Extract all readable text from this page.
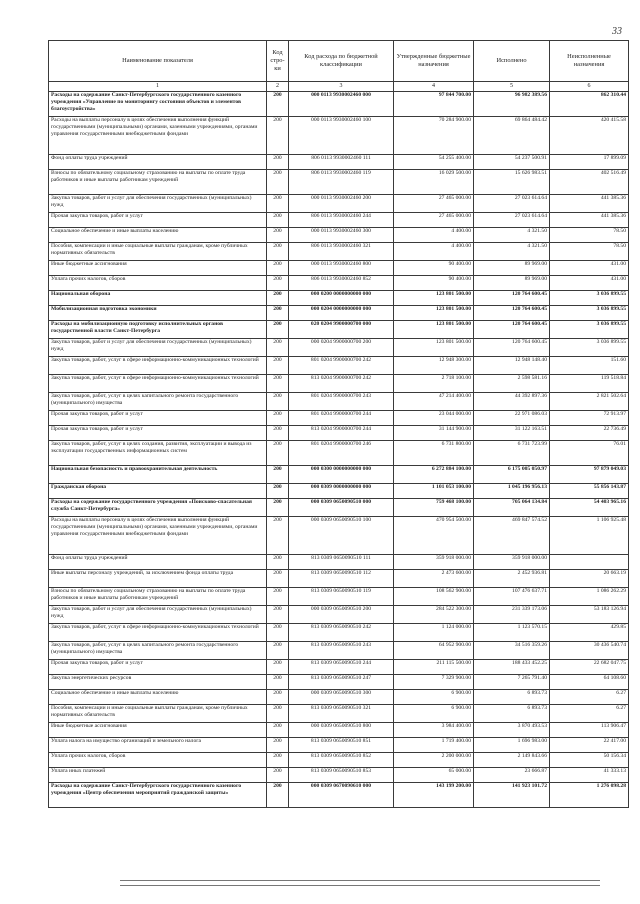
33
Наименование показателя	Код стро-ки	Код расхода по бюджетной классификации	Утвержденные бюджетные назначения	Исполнено	Неисполненные назначения
1	2	3	4	5	6
Расходы на содержание Санкт-Петербургского государственного казенного учреждения «Управление по мониторингу состояния объектов и элементов благоустройства»	200	000 0113 9930002460 000	97 844 700.00	96 982 389.56	862 310.44
Расходы на выплаты персоналу в целях обеспечения выполнения функций государственными (муниципальными) органами, казенными учреждениями, органами управления государственными внебюджетными фондами	200	000 0113 9930002460 100	70 284 900.00	69 864 484.42	420 415.58
Фонд оплаты труда учреждений	200	806 0113 9930002460 111	54 255 400.00	54 237 500.91	17 899.09
Взносы по обязательному социальному страхованию на выплаты по оплате труда работников и иные выплаты работникам учреждений	200	806 0113 9930002460 119	16 029 500.00	15 626 983.51	402 516.49
Закупка товаров, работ и услуг для обеспечения государственных (муниципальных) нужд	200	000 0113 9930002460 200	27 465 000.00	27 023 614.64	441 385.36
Прочая закупка товаров, работ и услуг	200	806 0113 9930002460 244	27 465 000.00	27 023 614.64	441 385.36
Социальное обеспечение и иные выплаты населению	200	000 0113 9930002460 300	4 400.00	4 321.50	78.50
Пособия, компенсации и иные социальные выплаты гражданам, кроме публичных нормативных обязательств	200	806 0113 9930002460 321	4 400.00	4 321.50	78.50
Иные бюджетные ассигнования	200	000 0113 9930002460 800	90 400.00	89 969.00	431.00
Уплата прочих налогов, сборов	200	806 0113 9930002460 852	90 400.00	89 969.00	431.00
Национальная оборона	200	000 0200 0000000000 000	123 801 500.00	120 764 600.45	3 036 899.55
Мобилизационная подготовка экономики	200	000 0204 0000000000 000	123 801 500.00	120 764 600.45	3 036 899.55
Расходы на мобилизационную подготовку исполнительных органов государственной власти Санкт-Петербурга	200	020 0204 9900000700 000	123 801 500.00	120 764 600.45	3 036 899.55
Закупка товаров, работ и услуг для обеспечения государственных (муниципальных) нужд	200	000 0204 9900000700 200	123 801 500.00	120 764 600.45	3 036 899.55
Закупка товаров, работ, услуг в сфере информационно-коммуникационных технологий	200	801 0204 9900000700 242	12 948 300.00	12 948 148.40	151.60
Закупка товаров, работ, услуг в сфере информационно-коммуникационных технологий	200	813 0204 9900000700 242	2 718 100.00	2 598 581.16	119 518.84
Закупка товаров, работ, услуг в целях капитального ремонта государственного (муниципального) имущества	200	801 0204 9900000700 243	47 214 400.00	44 392 897.36	2 821 502.64
Прочая закупка товаров, работ и услуг	200	801 0204 9900000700 244	23 044 000.00	22 971 086.03	72 913.97
Прочая закупка товаров, работ и услуг	200	813 0204 9900000700 244	31 144 900.00	31 122 163.51	22 736.49
Закупка товаров, работ, услуг в целях создания, развития, эксплуатации и вывода из эксплуатации государственных информационных систем	200	801 0204 9900000700 246	6 731 800.00	6 731 723.99	76.01
Национальная безопасность и правоохранительная деятельность	200	000 0300 0000000000 000	6 272 884 100.00	6 175 005 050.97	97 879 049.03
Гражданская оборона	200	000 0309 0000000000 000	1 101 053 100.00	1 045 196 956.13	55 856 143.87
Расходы на содержание государственного учреждения «Поисково-спасательная служба Санкт-Петербурга»	200	000 0309 0650090510 000	759 468 100.00	705 064 134.84	54 403 965.16
Расходы на выплаты персоналу в целях обеспечения выполнения функций государственными (муниципальными) органами, казенными учреждениями, органами управления государственными внебюджетными фондами	200	000 0309 0650090510 100	470 954 500.00	469 847 574.52	1 106 925.48
Фонд оплаты труда учреждений	200	813 0309 0650090510 111	359 918 000.00	359 918 000.00	
Иные выплаты персоналу учреждений, за исключением фонда оплаты труда	200	813 0309 0650090510 112	2 473 600.00	2 452 936.81	20 663.19
Взносы по обязательному социальному страхованию на выплаты по оплате труда работников и иные выплаты работникам учреждений	200	813 0309 0650090510 119	108 562 900.00	107 476 637.71	1 086 262.29
Закупка товаров, работ и услуг для обеспечения государственных (муниципальных) нужд	200	000 0309 0650090510 200	284 522 300.00	231 339 173.06	53 183 126.94
Закупка товаров, работ, услуг в сфере информационно-коммуникационных технологий	200	813 0309 0650090510 242	1 124 000.00	1 123 570.15	429.85
Закупка товаров, работ, услуг в целях капитального ремонта государственного (муниципального) имущества	200	813 0309 0650090510 243	64 952 900.00	34 516 359.26	30 436 540.74
Прочая закупка товаров, работ и услуг	200	813 0309 0650090510 244	211 115 500.00	188 433 452.25	22 682 047.75
Закупка энергетических ресурсов	200	813 0309 0650090510 247	7 329 900.00	7 265 791.40	64 108.60
Социальное обеспечение и иные выплаты населению	200	000 0309 0650090510 300	6 900.00	6 893.73	6.27
Пособия, компенсации и иные социальные выплаты гражданам, кроме публичных нормативных обязательств	200	813 0309 0650090510 321	6 900.00	6 893.73	6.27
Иные бюджетные ассигнования	200	000 0309 0650090510 800	3 984 400.00	3 870 493.53	113 906.47
Уплата налога на имущество организаций и земельного налога	200	813 0309 0650090510 851	1 719 400.00	1 696 983.00	22 417.00
Уплата прочих налогов, сборов	200	813 0309 0650090510 852	2 200 000.00	2 149 843.66	50 156.34
Уплата иных платежей	200	813 0309 0650090510 853	65 000.00	23 666.87	41 333.13
Расходы на содержание Санкт-Петербургского государственного казенного учреждения «Центр обеспечения мероприятий гражданской защиты»	200	000 0309 0670090610 000	143 199 200.00	141 923 101.72	1 276 098.28
